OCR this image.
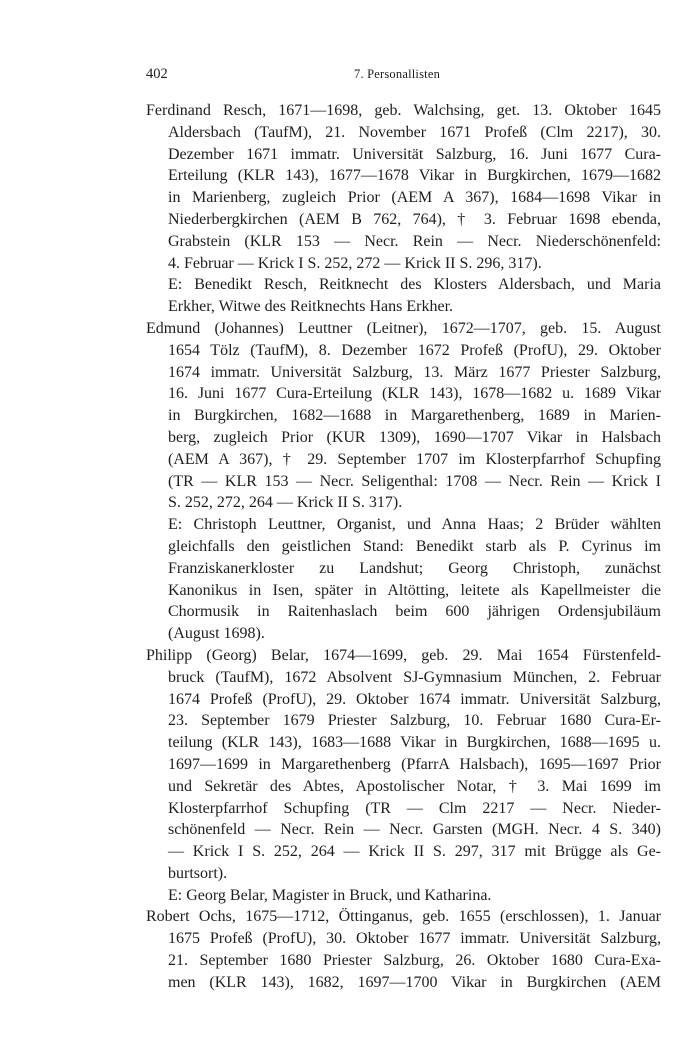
402	7. Personallisten
Ferdinand Resch, 1671—1698, geb. Walchsing, get. 13. Oktober 1645
Aldersbach (TaufM), 21. November 1671 Profeß (Clm 2217), 30.
Dezember 1671 immatr. Universität Salzburg, 16. Juni 1677 Cura-
Erteilung (KLR 143), 1677—1678 Vikar in Burgkirchen, 1679—1682
in Marienberg, zugleich Prior (AEM A 367), 1684—1698 Vikar in
Niederbergkirchen (AEM B 762, 764), † 3. Februar 1698 ebenda,
Grabstein (KLR 153 — Necr. Rein — Necr. Niederschönenfeld:
4. Februar — Krick I S. 252, 272 — Krick II S. 296, 317).
E: Benedikt Resch, Reitknecht des Klosters Aldersbach, und Maria
Erkher, Witwe des Reitknechts Hans Erkher.
Edmund (Johannes) Leuttner (Leitner), 1672—1707, geb. 15. August
1654 Tölz (TaufM), 8. Dezember 1672 Profeß (ProfU), 29. Oktober
1674 immatr. Universität Salzburg, 13. März 1677 Priester Salzburg,
16. Juni 1677 Cura-Erteilung (KLR 143), 1678—1682 u. 1689 Vikar
in Burgkirchen, 1682—1688 in Margarethenberg, 1689 in Marien-
berg, zugleich Prior (KUR 1309), 1690—1707 Vikar in Halsbach
(AEM A 367), † 29. September 1707 im Klosterpfarrhof Schupfing
(TR — KLR 153 — Necr. Seligenthal: 1708 — Necr. Rein — Krick I
S. 252, 272, 264 — Krick II S. 317).
E: Christoph Leuttner, Organist, und Anna Haas; 2 Brüder wählten
gleichfalls den geistlichen Stand: Benedikt starb als P. Cyrinus im
Franziskanerkloster zu Landshut; Georg Christoph, zunächst
Kanonikus in Isen, später in Altötting, leitete als Kapellmeister die
Chormusik in Raitenhaslach beim 600 jährigen Ordensjubiläum
(August 1698).
Philipp (Georg) Belar, 1674—1699, geb. 29. Mai 1654 Fürstenfeld-
bruck (TaufM), 1672 Absolvent SJ-Gymnasium München, 2. Februar
1674 Profeß (ProfU), 29. Oktober 1674 immatr. Universität Salzburg,
23. September 1679 Priester Salzburg, 10. Februar 1680 Cura-Er-
teilung (KLR 143), 1683—1688 Vikar in Burgkirchen, 1688—1695 u.
1697—1699 in Margarethenberg (PfarrA Halsbach), 1695—1697 Prior
und Sekretär des Abtes, Apostolischer Notar, † 3. Mai 1699 im
Klosterpfarrhof Schupfing (TR — Clm 2217 — Necr. Nieder-
schönenfeld — Necr. Rein — Necr. Garsten (MGH. Necr. 4 S. 340)
— Krick I S. 252, 264 — Krick II S. 297, 317 mit Brügge als Ge-
burtsort).
E: Georg Belar, Magister in Bruck, und Katharina.
Robert Ochs, 1675—1712, Öttinganus, geb. 1655 (erschlossen), 1. Januar
1675 Profeß (ProfU), 30. Oktober 1677 immatr. Universität Salzburg,
21. September 1680 Priester Salzburg, 26. Oktober 1680 Cura-Exa-
men (KLR 143), 1682, 1697—1700 Vikar in Burgkirchen (AEM
